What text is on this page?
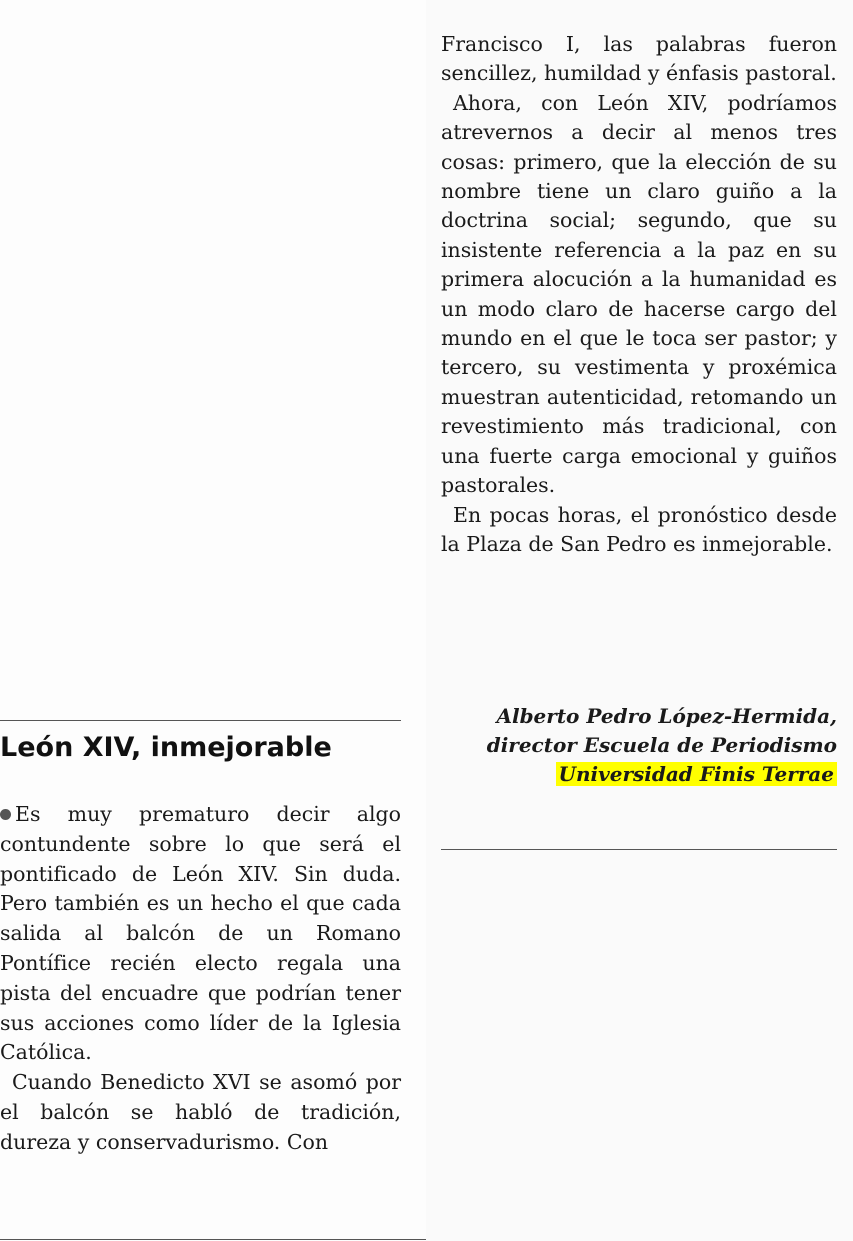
Francisco I, las palabras fueron sencillez, humildad y énfasis pastoral.

Ahora, con León XIV, podríamos atrevernos a decir al menos tres cosas: primero, que la elección de su nombre tiene un claro guiño a la doctrina social; segundo, que su insistente referencia a la paz en su primera alocución a la humanidad es un modo claro de hacerse cargo del mundo en el que le toca ser pastor; y tercero, su vestimenta y proxémica muestran autenticidad, retomando un revestimiento más tradicional, con una fuerte carga emocional y guiños pastorales.

En pocas horas, el pronóstico desde la Plaza de San Pedro es inmejorable.

Alberto Pedro López-Hermida,
director Escuela de Periodismo
Universidad Finis Terrae
León XIV, inmejorable

Es muy prematuro decir algo contundente sobre lo que será el pontificado de León XIV. Sin duda. Pero también es un hecho el que cada salida al balcón de un Romano Pontífice recién electo regala una pista del encuadre que podrían tener sus acciones como líder de la Iglesia Católica.

Cuando Benedicto XVI se asomó por el balcón se habló de tradición, dureza y conservadurismo. Con
